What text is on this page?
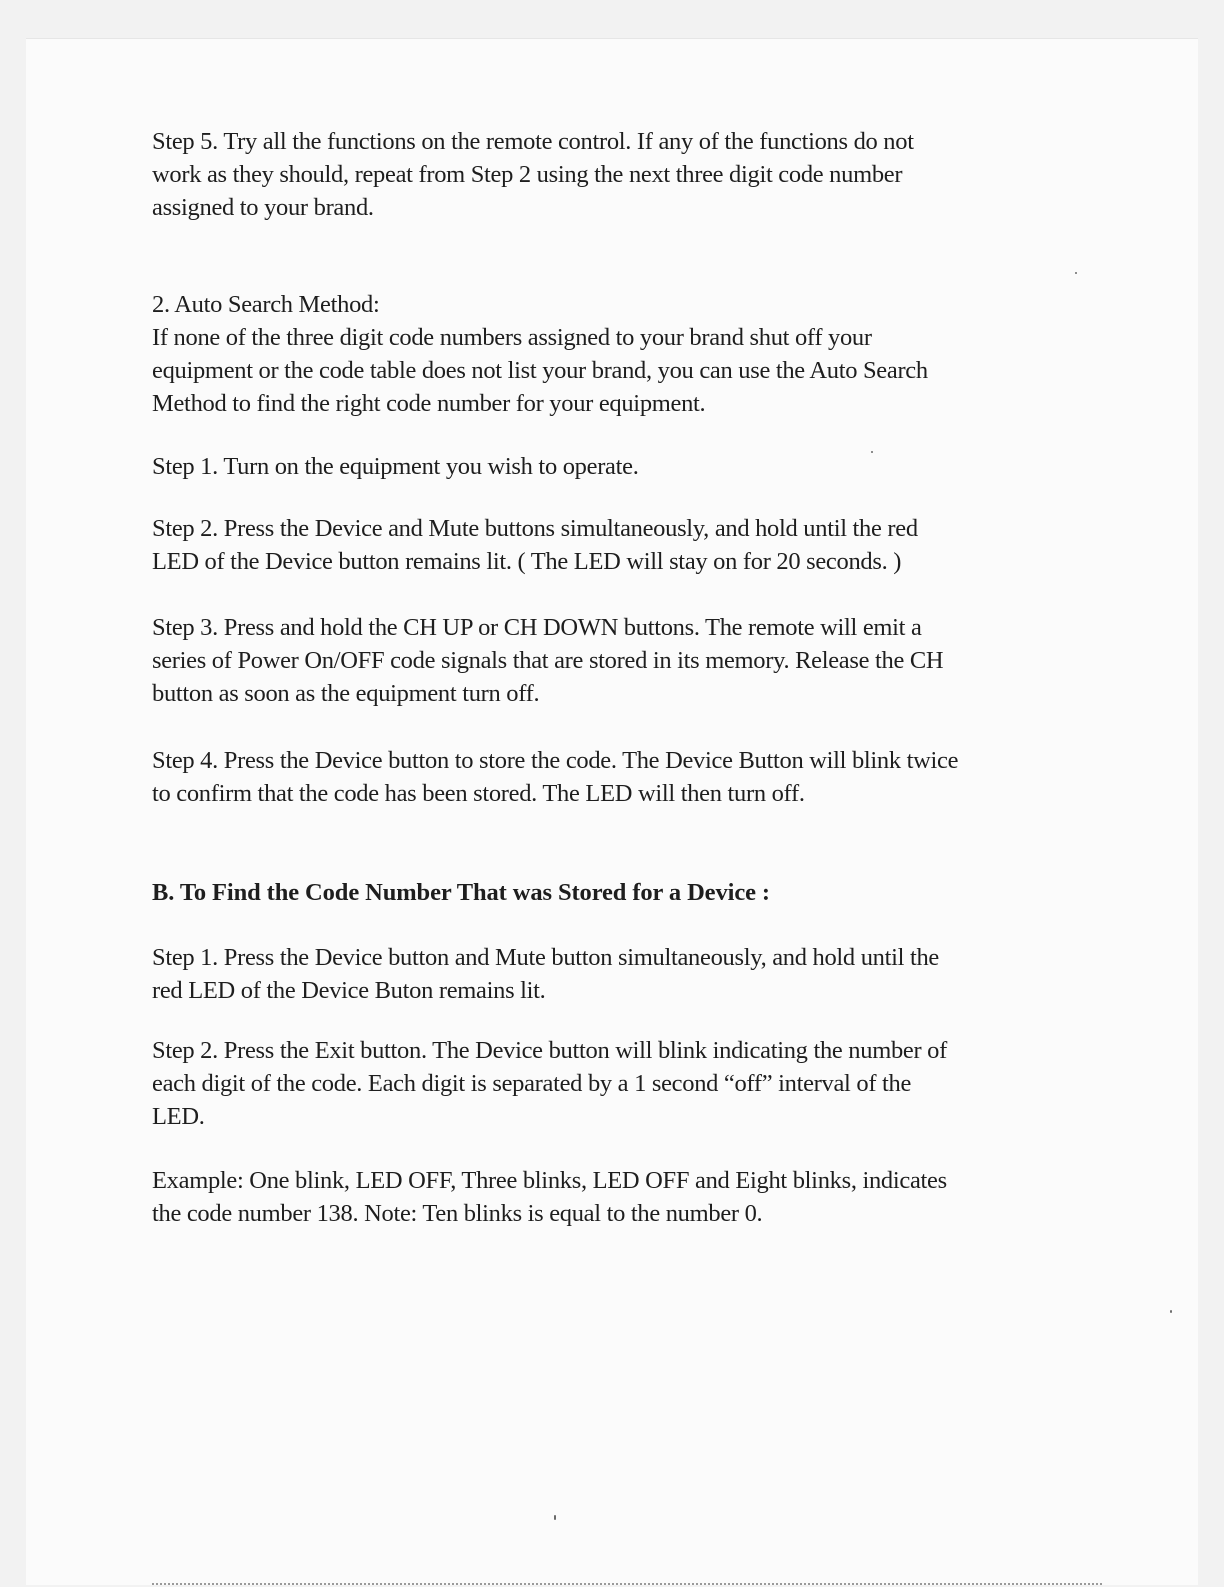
Step 5. Try all the functions on the remote control. If any of the functions do not
work as they should, repeat from Step 2 using the next three digit code number
assigned to your brand.

2. Auto Search Method:
If none of the three digit code numbers assigned to your brand shut off your
equipment or the code table does not list your brand, you can use the Auto Search
Method to find the right code number for your equipment.

Step 1. Turn on the equipment you wish to operate.

Step 2. Press the Device and Mute buttons simultaneously, and hold until the red
LED of the Device button remains lit. ( The LED will stay on for 20 seconds. )

Step 3. Press and hold the CH UP or CH DOWN buttons. The remote will emit a
series of Power On/OFF code signals that are stored in its memory. Release the CH
button as soon as the equipment turn off.

Step 4. Press the Device button to store the code. The Device Button will blink twice
to confirm that the code has been stored. The LED will then turn off.

B. To Find the Code Number That was Stored for a Device :

Step 1. Press the Device button and Mute button simultaneously, and hold until the
red LED of the Device Buton remains lit.

Step 2. Press the Exit button. The Device button will blink indicating the number of
each digit of the code. Each digit is separated by a 1 second “off” interval of the
LED.

Example: One blink, LED OFF, Three blinks, LED OFF and Eight blinks, indicates
the code number 138. Note: Ten blinks is equal to the number 0.
